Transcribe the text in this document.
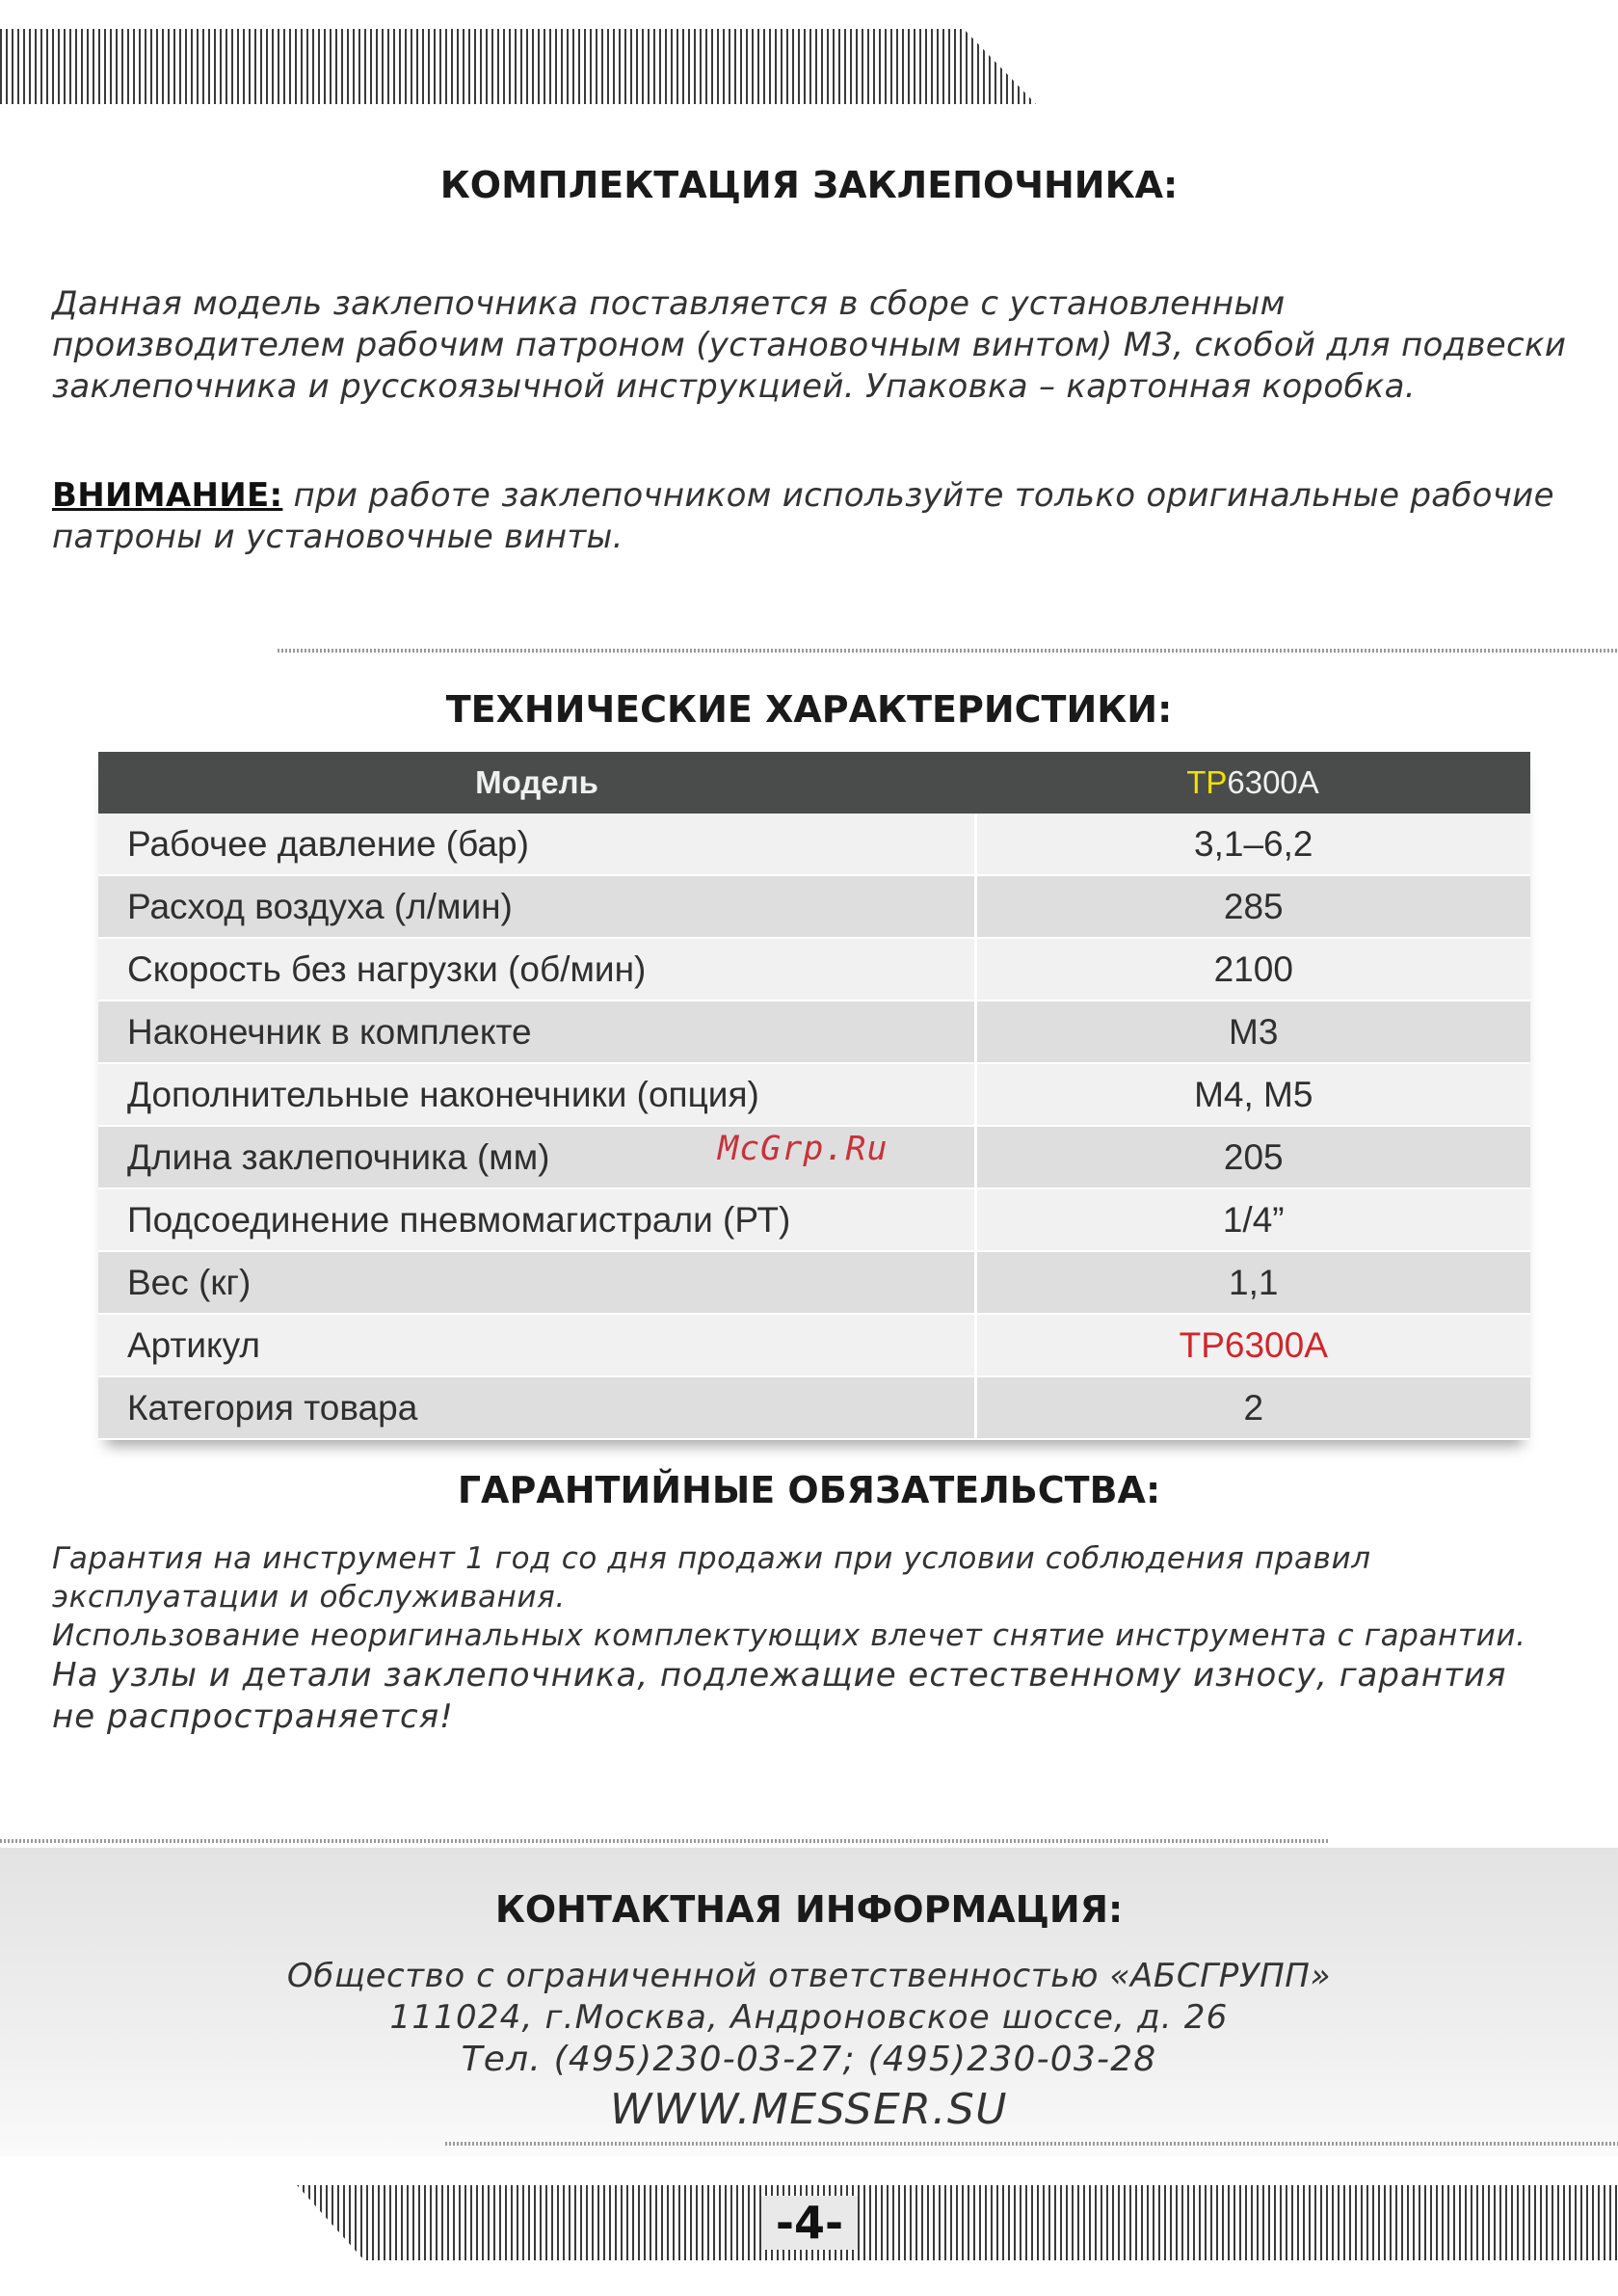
КОМПЛЕКТАЦИЯ ЗАКЛЕПОЧНИКА:

Данная модель заклепочника поставляется в сборе с установленным производителем рабочим патроном (установочным винтом) М3, скобой для подвески заклепочника и русскоязычной инструкцией. Упаковка – картонная коробка.

ВНИМАНИЕ: при работе заклепочником используйте только оригинальные рабочие патроны и установочные винты.

ТЕХНИЧЕСКИЕ ХАРАКТЕРИСТИКИ:
Модель	TP6300A
Рабочее давление (бар)	3,1–6,2
Расход воздуха (л/мин)	285
Скорость без нагрузки (об/мин)	2100
Наконечник в комплекте	М3
Дополнительные наконечники (опция)	М4, М5
Длина заклепочника (мм)	205
Подсоединение пневмомагистрали (РТ)	1/4”
Вес (кг)	1,1
Артикул	TP6300A
Категория товара	2
McGrp.Ru
ГАРАНТИЙНЫЕ ОБЯЗАТЕЛЬСТВА:

Гарантия на инструмент 1 год со дня продажи при условии соблюдения правил эксплуатации и обслуживания.

Использование неоригинальных комплектующих влечет снятие инструмента с гарантии.

На узлы и детали заклепочника, подлежащие естественному износу, гарантия

не распространяется!

КОНТАКТНАЯ ИНФОРМАЦИЯ:

Общество с ограниченной ответственностью «АБСГРУПП»

111024, г.Москва, Андроновское шоссе, д. 26

Тел. (495)230-03-27; (495)230-03-28

WWW.MESSER.SU

-4-
